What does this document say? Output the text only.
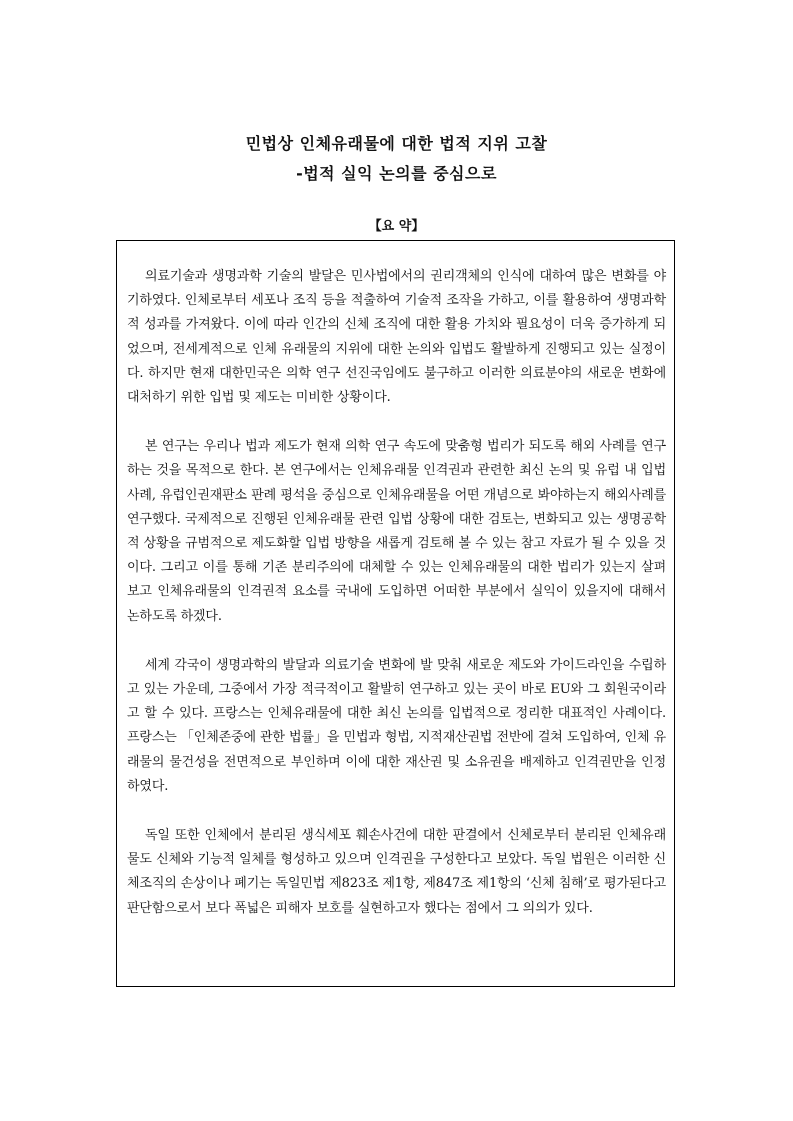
민법상 인체유래물에 대한 법적 지위 고찰
-법적 실익 논의를 중심으로
【요 약】

의료기술과 생명과학 기술의 발달은 민사법에서의 권리객체의 인식에 대하여 많은 변화를 야기하였다. 인체로부터 세포나 조직 등을 적출하여 기술적 조작을 가하고, 이를 활용하여 생명과학적 성과를 가져왔다. 이에 따라 인간의 신체 조직에 대한 활용 가치와 필요성이 더욱 증가하게 되었으며, 전세계적으로 인체 유래물의 지위에 대한 논의와 입법도 활발하게 진행되고 있는 실정이다. 하지만 현재 대한민국은 의학 연구 선진국임에도 불구하고 이러한 의료분야의 새로운 변화에 대처하기 위한 입법 및 제도는 미비한 상황이다.

본 연구는 우리나 법과 제도가 현재 의학 연구 속도에 맞춤형 법리가 되도록 해외 사례를 연구하는 것을 목적으로 한다. 본 연구에서는 인체유래물 인격권과 관련한 최신 논의 및 유럽 내 입법 사례, 유럽인권재판소 판례 평석을 중심으로 인체유래물을 어떤 개념으로 봐야하는지 해외사례를 연구했다. 국제적으로 진행된 인체유래물 관련 입법 상황에 대한 검토는, 변화되고 있는 생명공학적 상황을 규범적으로 제도화할 입법 방향을 새롭게 검토해 볼 수 있는 참고 자료가 될 수 있을 것이다. 그리고 이를 통해 기존 분리주의에 대체할 수 있는 인체유래물의 대한 법리가 있는지 살펴보고 인체유래물의 인격권적 요소를 국내에 도입하면 어떠한 부분에서 실익이 있을지에 대해서 논하도록 하겠다.

세계 각국이 생명과학의 발달과 의료기술 변화에 발 맞춰 새로운 제도와 가이드라인을 수립하고 있는 가운데, 그중에서 가장 적극적이고 활발히 연구하고 있는 곳이 바로 EU와 그 회원국이라고 할 수 있다. 프랑스는 인체유래물에 대한 최신 논의를 입법적으로 정리한 대표적인 사례이다. 프랑스는 「인체존중에 관한 법률」을 민법과 형법, 지적재산권법 전반에 걸쳐 도입하여, 인체 유래물의 물건성을 전면적으로 부인하며 이에 대한 재산권 및 소유권을 배제하고 인격권만을 인정하였다.

독일 또한 인체에서 분리된 생식세포 훼손사건에 대한 판결에서 신체로부터 분리된 인체유래물도 신체와 기능적 일체를 형성하고 있으며 인격권을 구성한다고 보았다. 독일 법원은 이러한 신체조직의 손상이나 폐기는 독일민법 제823조 제1항, 제847조 제1항의 ‘신체 침해’로 평가된다고 판단함으로서 보다 폭넓은 피해자 보호를 실현하고자 했다는 점에서 그 의의가 있다.
